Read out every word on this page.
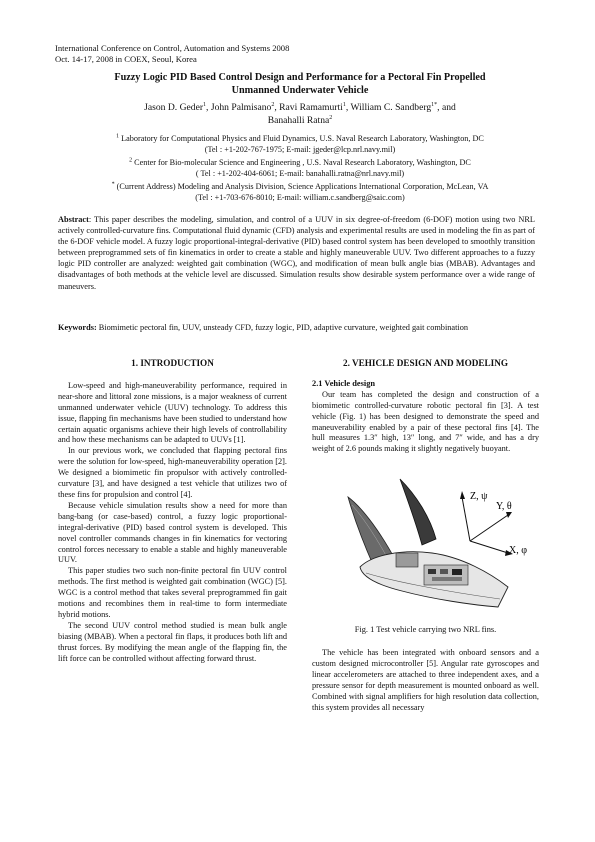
International Conference on Control, Automation and Systems 2008
Oct. 14-17, 2008 in COEX, Seoul, Korea
Fuzzy Logic PID Based Control Design and Performance for a Pectoral Fin Propelled
Unmanned Underwater Vehicle
Jason D. Geder$^1$, John Palmisano$^2$, Ravi Ramamurti$^1$, William C. Sandberg$^{1*}$, and
Banahalli Ratna$^2$
$^1$ Laboratory for Computational Physics and Fluid Dynamics, U.S. Naval Research Laboratory, Washington, DC
(Tel : +1-202-767-1975; E-mail: jgeder@lcp.nrl.navy.mil)
$^2$ Center for Bio-molecular Science and Engineering , U.S. Naval Research Laboratory, Washington, DC
( Tel : +1-202-404-6061; E-mail: banahalli.ratna@nrl.navy.mil)
* (Current Address) Modeling and Analysis Division, Science Applications International Corporation, McLean, VA
(Tel : +1-703-676-8010; E-mail: william.c.sandberg@saic.com)
Abstract: This paper describes the modeling, simulation, and control of a UUV in six degree-of-freedom (6-DOF) motion using two NRL actively controlled-curvature fins. Computational fluid dynamic (CFD) analysis and experimental results are used in modeling the fin as part of the 6-DOF vehicle model. A fuzzy logic proportional-integral-derivative (PID) based control system has been developed to smoothly transition between preprogrammed sets of fin kinematics in order to create a stable and highly maneuverable UUV. Two different approaches to a fuzzy logic PID controller are analyzed: weighted gait combination (WGC), and modification of mean bulk angle bias (MBAB). Advantages and disadvantages of both methods at the vehicle level are discussed. Simulation results show desirable system performance over a wide range of maneuvers.
Keywords: Biomimetic pectoral fin, UUV, unsteady CFD, fuzzy logic, PID, adaptive curvature, weighted gait combination
1. INTRODUCTION

Low-speed and high-maneuverability performance, required in near-shore and littoral zone missions, is a major weakness of current unmanned underwater vehicle (UUV) technology. To address this issue, flapping fin mechanisms have been studied to understand how certain aquatic organisms achieve their high levels of controllability and how these mechanisms can be adapted to UUVs [1].

In our previous work, we concluded that flapping pectoral fins were the solution for low-speed, high-maneuverability operation [2]. We designed a biomimetic fin propulsor with actively controlled-curvature [3], and have designed a test vehicle that utilizes two of these fins for propulsion and control [4].

Because vehicle simulation results show a need for more than bang-bang (or case-based) control, a fuzzy logic proportional-integral-derivative (PID) based control system is developed. This novel controller commands changes in fin kinematics for vectoring control forces necessary to enable a stable and highly maneuverable UUV.

This paper studies two such non-finite pectoral fin UUV control methods. The first method is weighted gait combination (WGC) [5]. WGC is a control method that takes several preprogrammed fin gait motions and recombines them in real-time to form intermediate hybrid motions.

The second UUV control method studied is mean bulk angle biasing (MBAB). When a pectoral fin flaps, it produces both lift and thrust forces. By modifying the mean angle of the flapping fin, the lift force can be controlled without affecting forward thrust.

2. VEHICLE DESIGN AND MODELING
2.1 Vehicle design

Our team has completed the design and construction of a biomimetic controlled-curvature robotic pectoral fin [3]. A test vehicle (Fig. 1) has been designed to demonstrate the speed and maneuverability enabled by a pair of these pectoral fins [4]. The hull measures 1.3″ high, 13″ long, and 7″ wide, and has a dry weight of 2.6 pounds making it slightly negatively buoyant.

Z, ψ
Y, θ
X, φ
Fig. 1 Test vehicle carrying two NRL fins.

The vehicle has been integrated with onboard sensors and a custom designed microcontroller [5]. Angular rate gyroscopes and linear accelerometers are attached to three independent axes, and a pressure sensor for depth measurement is mounted onboard as well. Combined with signal amplifiers for high resolution data collection, this system provides all necessary
